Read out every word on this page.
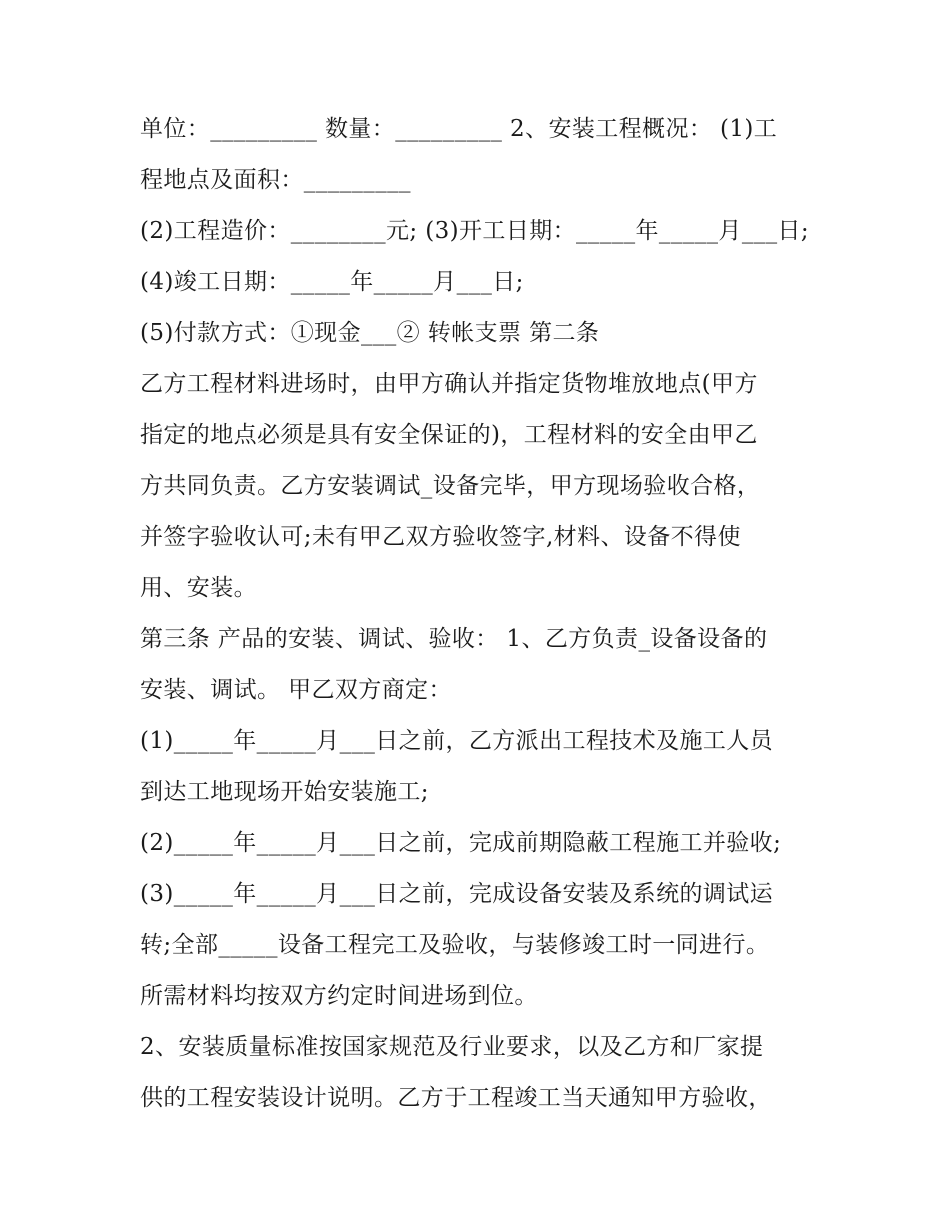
单位：_________ 数量：_________ 2、安装工程概况： (1)工
程地点及面积：_________
(2)工程造价：________元; (3)开工日期：_____年_____月___日;
(4)竣工日期：_____年_____月___日;
(5)付款方式：①现金___② 转帐支票 第二条
乙方工程材料进场时，由甲方确认并指定货物堆放地点(甲方
指定的地点必须是具有安全保证的)，工程材料的安全由甲乙
方共同负责。乙方安装调试_设备完毕，甲方现场验收合格，
并签字验收认可;未有甲乙双方验收签字,材料、设备不得使
用、安装。
第三条 产品的安装、调试、验收： 1、乙方负责_设备设备的
安装、调试。 甲乙双方商定：
(1)_____年_____月___日之前，乙方派出工程技术及施工人员
到达工地现场开始安装施工;
(2)_____年_____月___日之前，完成前期隐蔽工程施工并验收;
(3)_____年_____月___日之前，完成设备安装及系统的调试运
转;全部_____设备工程完工及验收，与装修竣工时一同进行。
所需材料均按双方约定时间进场到位。
2、安装质量标准按国家规范及行业要求，以及乙方和厂家提
供的工程安装设计说明。乙方于工程竣工当天通知甲方验收，
